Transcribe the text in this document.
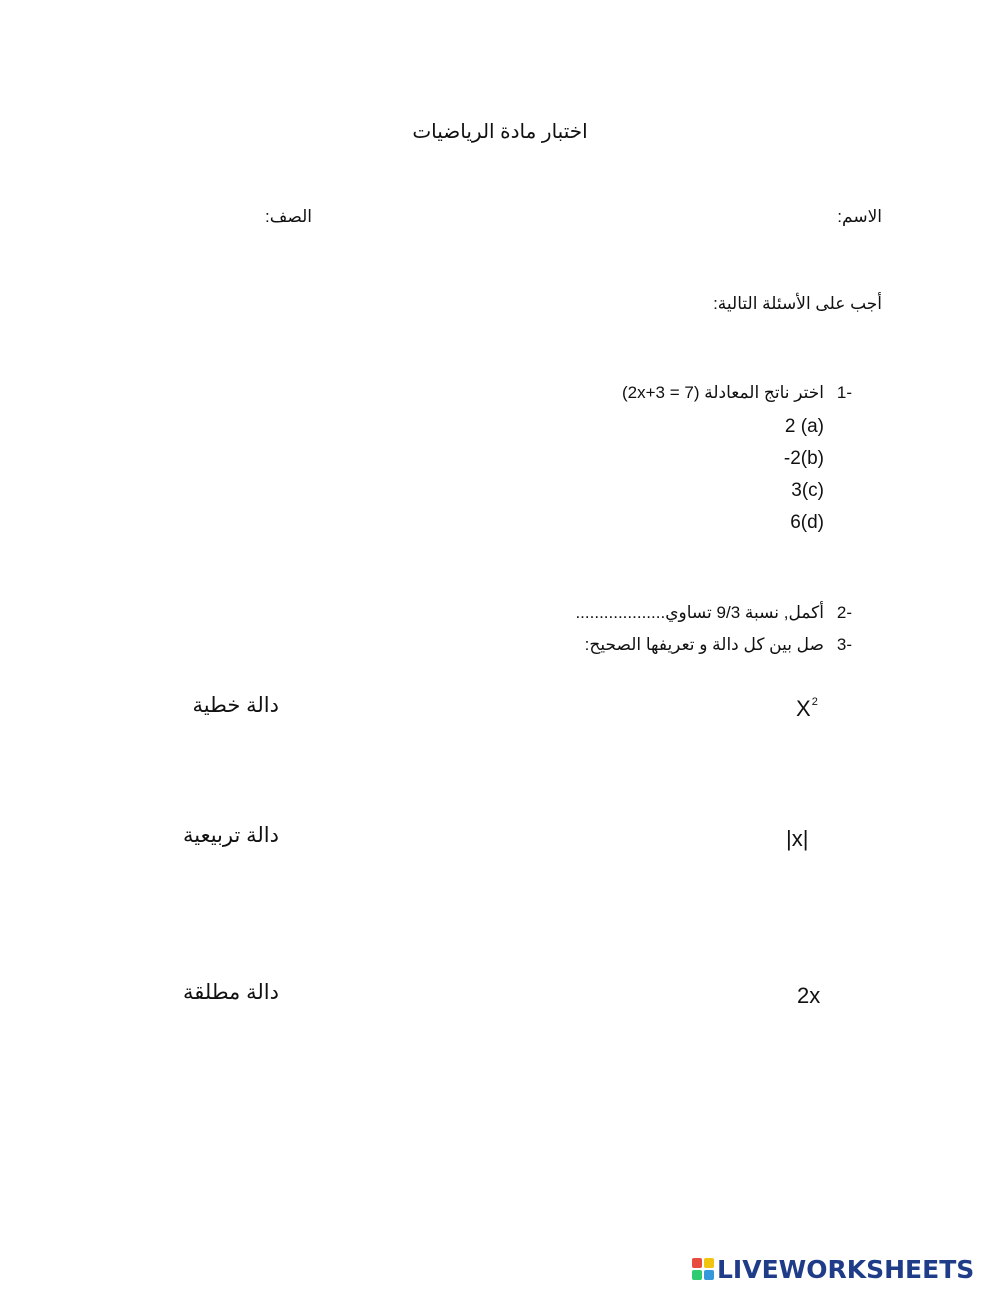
اختبار مادة الرياضيات
الاسم:
الصف:
أجب على الأسئلة التالية:
1-
اختر ناتج المعادلة (7 = 2x+3)
2 (a)
-2(b)
3(c)
6(d)
2-
أكمل, نسبة 9/3 تساوي...................
3-
صل بين كل دالة و تعريفها الصحيح:
$X^2$
|x|
2x
دالة خطية
دالة تربيعية
دالة مطلقة
LIVEWORKSHEETS
